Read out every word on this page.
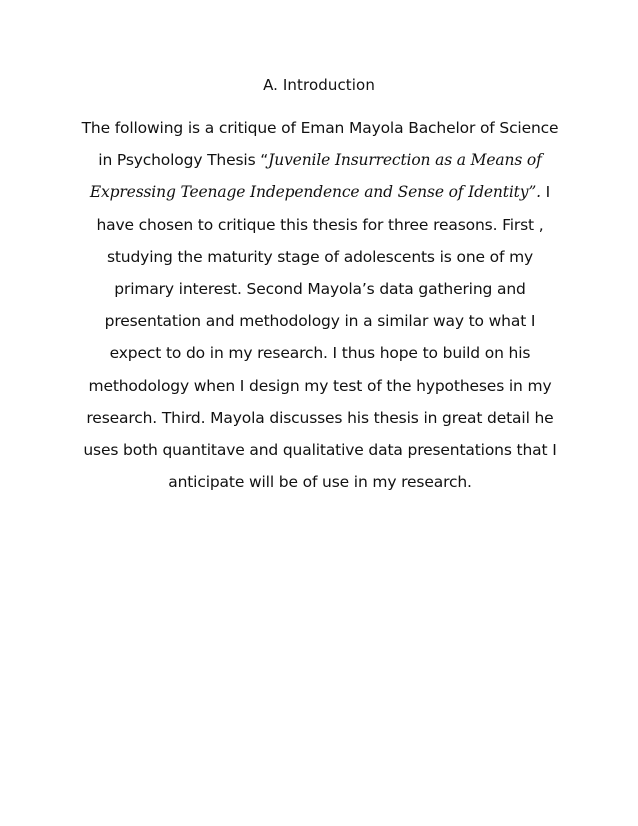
A. Introduction

The following is a critique of Eman Mayola Bachelor of Science
in Psychology Thesis “Juvenile Insurrection as a Means of
Expressing Teenage Independence and Sense of Identity”. I
have chosen to critique this thesis for three reasons. First ,
studying the maturity stage of adolescents is one of my
primary interest. Second Mayola’s data gathering and
presentation and methodology in a similar way to what I
expect to do in my research. I thus hope to build on his
methodology when I design my test of the hypotheses in my
research. Third. Mayola discusses his thesis in great detail he
uses both quantitave and qualitative data presentations that I
anticipate will be of use in my research.
